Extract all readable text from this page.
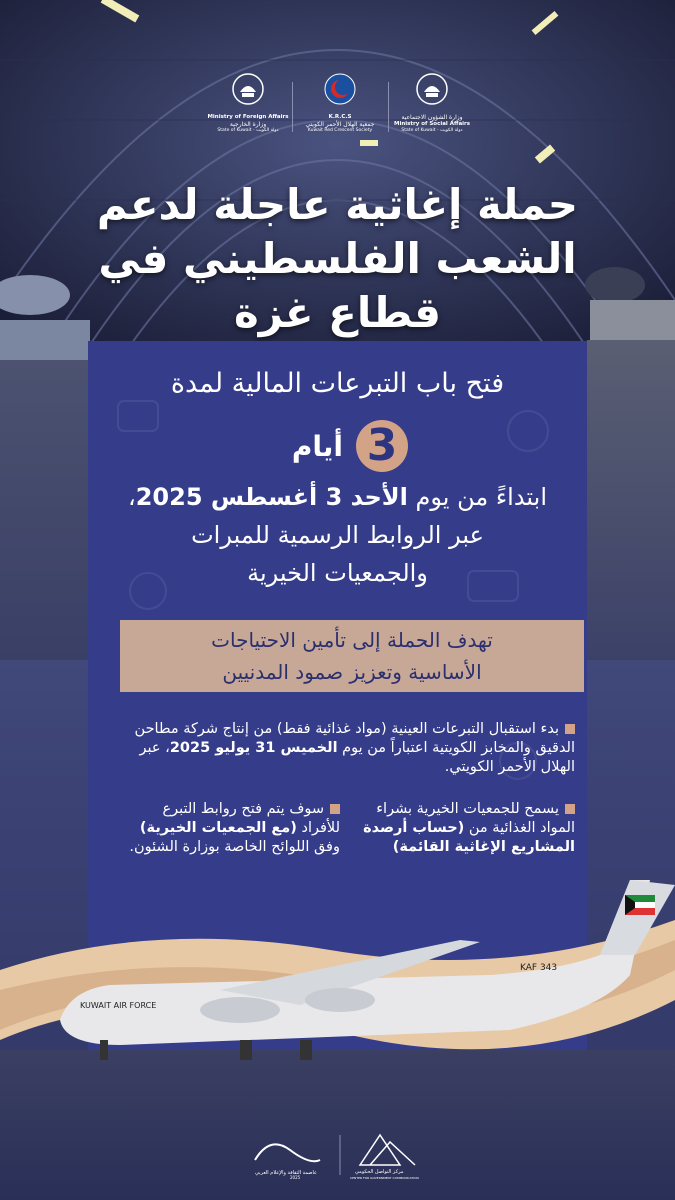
Ministry of Foreign Affairs
وزارة الخارجية
State of Kuwait - دولة الكويت
K.R.C.S
جمعية الهلال الأحمر الكويتي
Kuwait Red Crescent Society
وزارة الشؤون الاجتماعية
Ministry of Social Affairs
State of Kuwait - دولة الكويت
حملة إغاثية عاجلة لدعم
الشعب الفلسطيني في
قطاع غزة
فتح باب التبرعات المالية لمدة
3
أيام
ابتداءً من يوم الأحد 3 أغسطس 2025،
عبر الروابط الرسمية للمبرات
والجمعيات الخيرية
تهدف الحملة إلى تأمين الاحتياجات
الأساسية وتعزيز صمود المدنيين
بدء استقبال التبرعات العينية (مواد غذائية فقط) من إنتاج شركة مطاحن الدقيق والمخابز الكويتية اعتباراً من يوم الخميس 31 يوليو 2025، عبر الهلال الأحمر الكويتي.
يسمح للجمعيات الخيرية بشراء المواد الغذائية من (حساب أرصدة المشاريع الإغاثية القائمة)
سوف يتم فتح روابط التبرع للأفراد (مع الجمعيات الخيرية) وفق اللوائح الخاصة بوزارة الشئون.
KAF 343
KUWAIT AIR FORCE
عاصمة الثقافة والإعلام العربي
2025
مركز التواصل الحكومي
CENTER FOR GOVERNMENT COMMUNICATION
